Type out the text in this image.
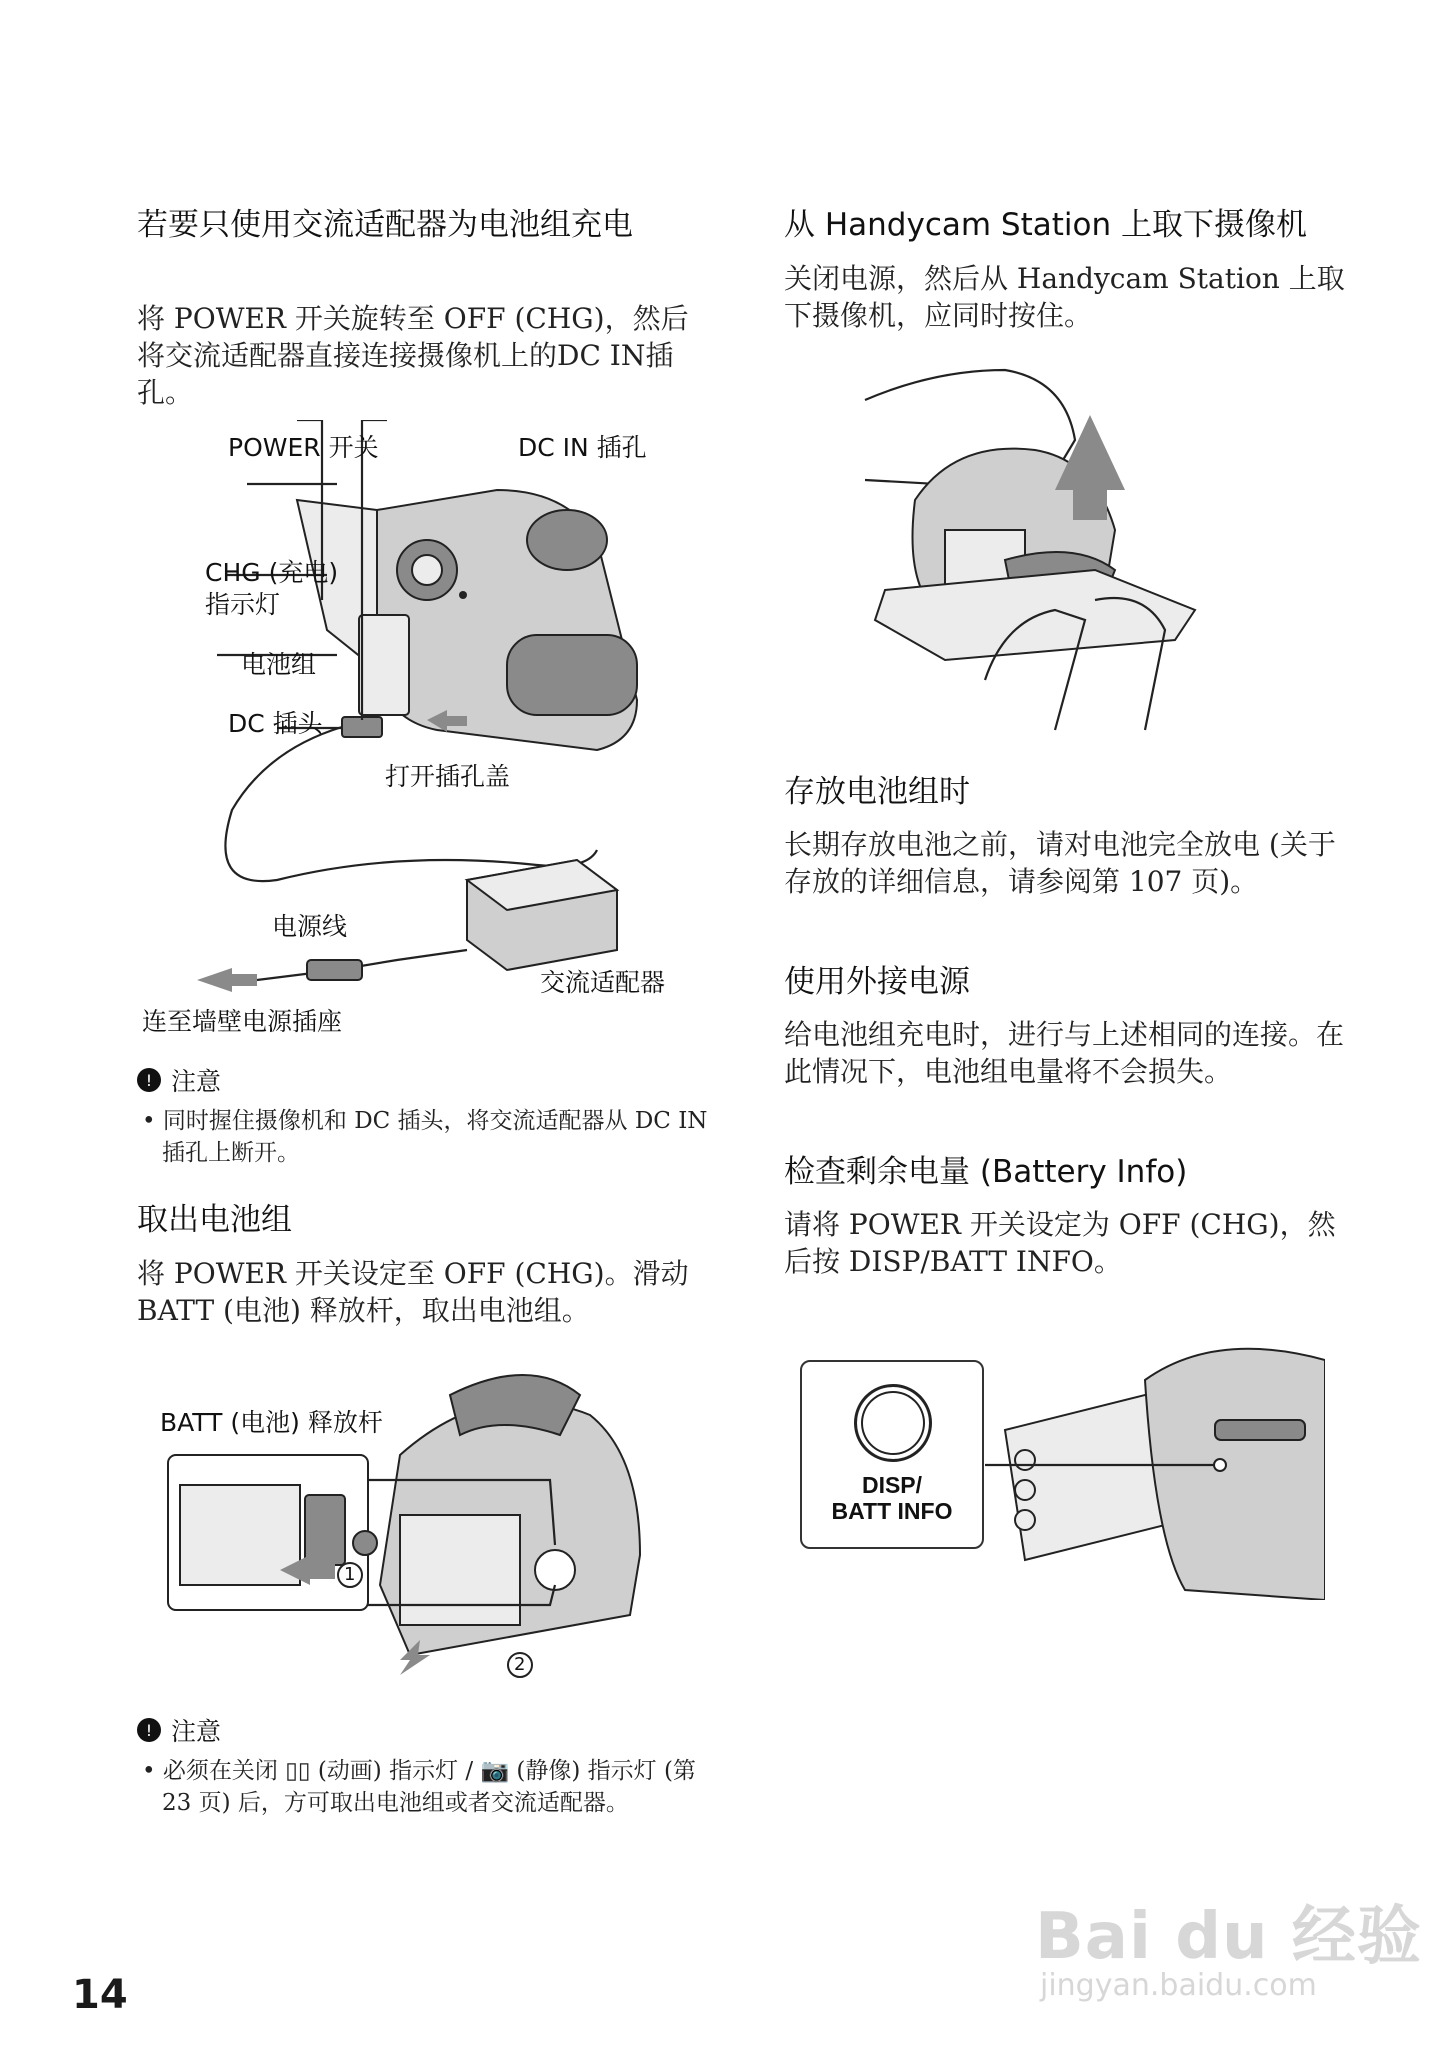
若要只使用交流适配器为电池组充电
将 POWER 开关旋转至 OFF (CHG)，然后将交流适配器直接连接摄像机上的DC IN插孔。
POWER 开关	DC IN 插孔
CHG (充电)
指示灯
电池组
DC 插头
打开插孔盖
电源线
交流适配器
连至墙壁电源插座
! 注意
• 同时握住摄像机和 DC 插头，将交流适配器从 DC IN 插孔上断开。
取出电池组
将 POWER 开关设定至 OFF (CHG)。滑动 BATT (电池) 释放杆，取出电池组。
BATT (电池) 释放杆
1
2
! 注意
• 必须在关闭 ▯▯ (动画) 指示灯 / 📷 (静像) 指示灯 (第 23 页) 后，方可取出电池组或者交流适配器。
14
从 Handycam Station 上取下摄像机
关闭电源，然后从 Handycam Station 上取下摄像机，应同时按住。
存放电池组时
长期存放电池之前，请对电池完全放电 (关于存放的详细信息，请参阅第 107 页)。
使用外接电源
给电池组充电时，进行与上述相同的连接。在此情况下，电池组电量将不会损失。
检查剩余电量 (Battery Info)
请将 POWER 开关设定为 OFF (CHG)，然后按 DISP/BATT INFO。
DISP/
BATT INFO
Bai du 经验
jingyan.baidu.com
